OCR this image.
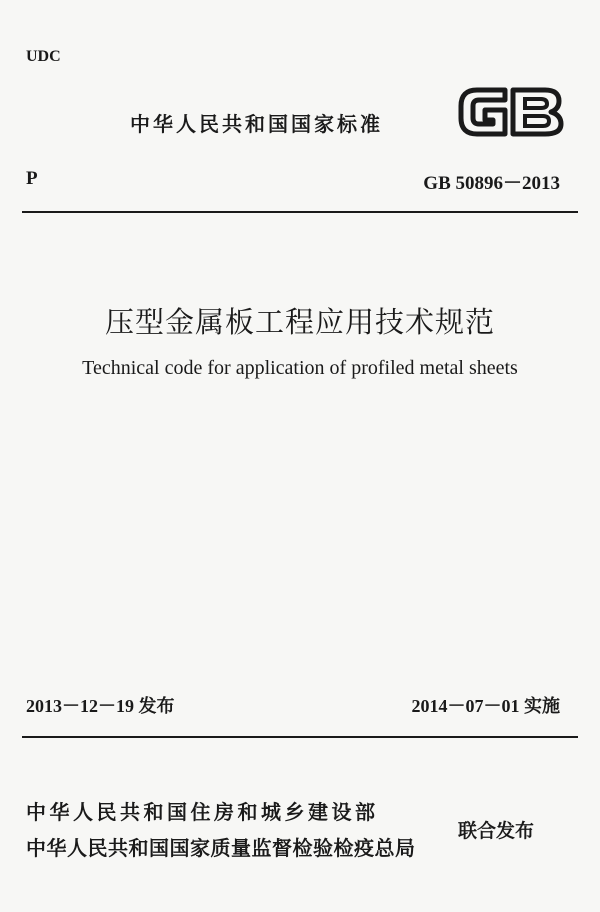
UDC
中华人民共和国国家标准
P	GB 50896－2013
压型金属板工程应用技术规范
Technical code for application of profiled metal sheets
2013－12－19 发布	2014－07－01 实施
中华人民共和国住房和城乡建设部
中华人民共和国国家质量监督检验检疫总局
联合发布
